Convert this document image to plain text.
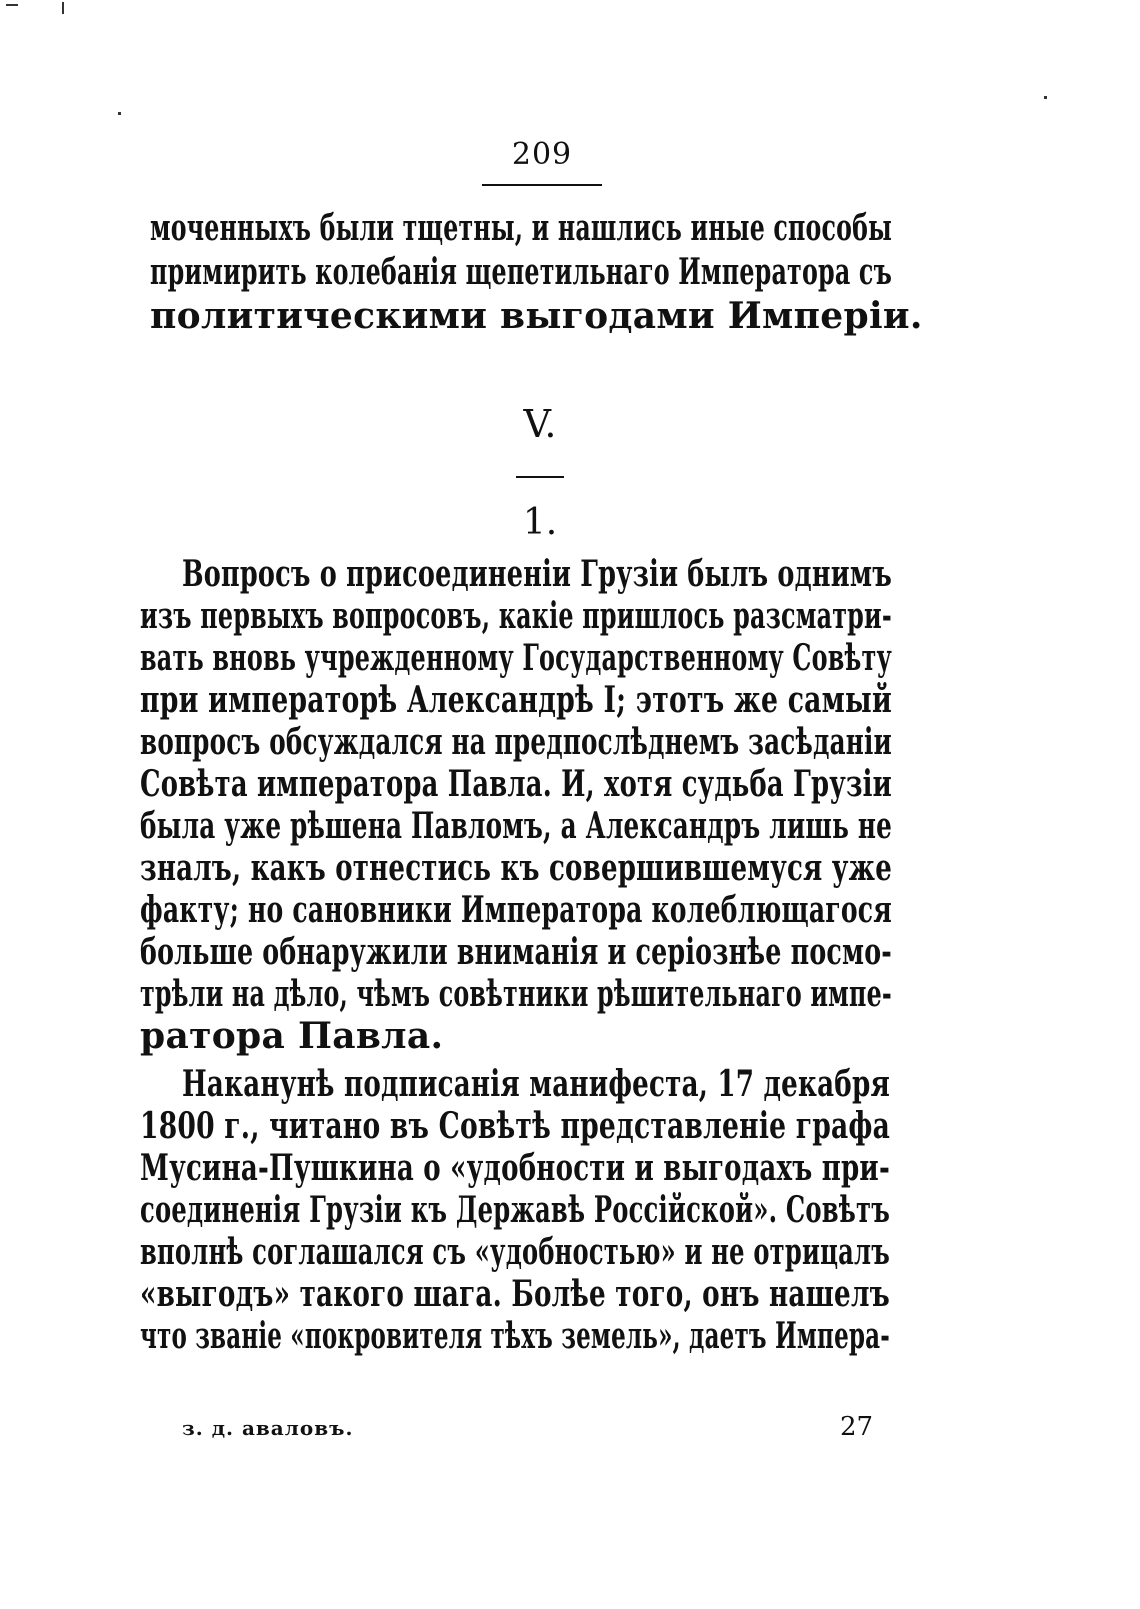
209
моченныхъ были тщетны, и нашлись иные способы
примирить колебанія щепетильнаго Императора съ
политическими выгодами Имперіи.
V.
1.
Вопросъ о присоединеніи Грузіи былъ однимъ
изъ первыхъ вопросовъ, какіе пришлось разсматри-
вать вновь учрежденному Государственному Совѣту
при императорѣ Александрѣ I; этотъ же самый
вопросъ обсуждался на предпослѣднемъ засѣданіи
Совѣта императора Павла. И, хотя судьба Грузіи
была уже рѣшена Павломъ, а Александръ лишь не
зналъ, какъ отнестись къ совершившемуся уже
факту; но сановники Императора колеблющагося
больше обнаружили вниманія и серіознѣе посмо-
трѣли на дѣло, чѣмъ совѣтники рѣшительнаго импе-
ратора Павла.
Наканунѣ подписанія манифеста, 17 декабря
1800 г., читано въ Совѣтѣ представленіе графа
Мусина-Пушкина о «удобности и выгодахъ при-
соединенія Грузіи къ Державѣ Россійской». Совѣтъ
вполнѣ соглашался съ «удобностью» и не отрицалъ
«выгодъ» такого шага. Болѣе того, онъ нашелъ
что званіе «покровителя тѣхъ земель», даетъ Импера-
з. д. аваловъ.	27
